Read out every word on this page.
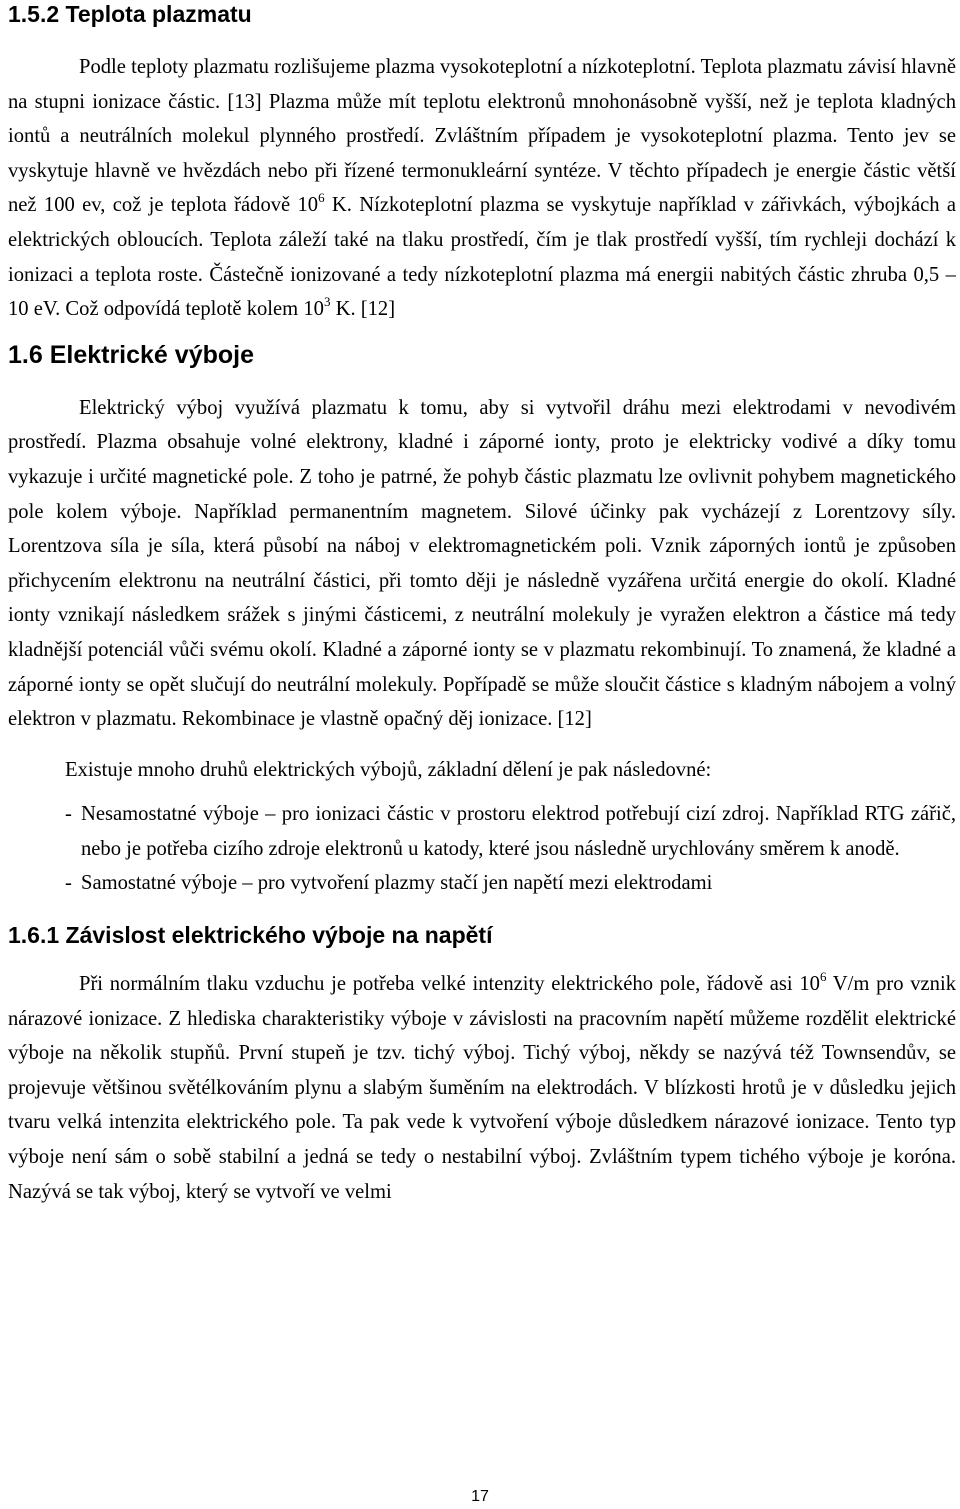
1.5.2 Teplota plazmatu

Podle teploty plazmatu rozlišujeme plazma vysokoteplotní a nízkoteplotní. Teplota plazmatu závisí hlavně na stupni ionizace částic. [13] Plazma může mít teplotu elektronů mnohonásobně vyšší, než je teplota kladných iontů a neutrálních molekul plynného prostředí. Zvláštním případem je vysokoteplotní plazma. Tento jev se vyskytuje hlavně ve hvězdách nebo při řízené termonukleární syntéze. V těchto případech je energie částic větší než 100 ev, což je teplota řádově $10^6$ K. Nízkoteplotní plazma se vyskytuje například v zářivkách, výbojkách a elektrických obloucích. Teplota záleží také na tlaku prostředí, čím je tlak prostředí vyšší, tím rychleji dochází k ionizaci a teplota roste. Částečně ionizované a tedy nízkoteplotní plazma má energii nabitých částic zhruba 0,5 – 10 eV. Což odpovídá teplotě kolem $10^3$ K. [12]

1.6 Elektrické výboje

Elektrický výboj využívá plazmatu k tomu, aby si vytvořil dráhu mezi elektrodami v nevodivém prostředí. Plazma obsahuje volné elektrony, kladné i záporné ionty, proto je elektricky vodivé a díky tomu vykazuje i určité magnetické pole. Z toho je patrné, že pohyb částic plazmatu lze ovlivnit pohybem magnetického pole kolem výboje. Například permanentním magnetem. Silové účinky pak vycházejí z Lorentzovy síly. Lorentzova síla je síla, která působí na náboj v elektromagnetickém poli. Vznik záporných iontů je způsoben přichycením elektronu na neutrální částici, při tomto ději je následně vyzářena určitá energie do okolí. Kladné ionty vznikají následkem srážek s jinými částicemi, z neutrální molekuly je vyražen elektron a částice má tedy kladnější potenciál vůči svému okolí. Kladné a záporné ionty se v plazmatu rekombinují. To znamená, že kladné a záporné ionty se opět slučují do neutrální molekuly. Popřípadě se může sloučit částice s kladným nábojem a volný elektron v plazmatu. Rekombinace je vlastně opačný děj ionizace. [12]

Existuje mnoho druhů elektrických výbojů, základní dělení je pak následovné:

- Nesamostatné výboje – pro ionizaci částic v prostoru elektrod potřebují cizí zdroj. Například RTG zářič, nebo je potřeba cizího zdroje elektronů u katody, které jsou následně urychlovány směrem k anodě.
- Samostatné výboje – pro vytvoření plazmy stačí jen napětí mezi elektrodami
1.6.1 Závislost elektrického výboje na napětí

Při normálním tlaku vzduchu je potřeba velké intenzity elektrického pole, řádově asi $10^6$ V/m pro vznik nárazové ionizace. Z hlediska charakteristiky výboje v závislosti na pracovním napětí můžeme rozdělit elektrické výboje na několik stupňů. První stupeň je tzv. tichý výboj. Tichý výboj, někdy se nazývá též Townsendův, se projevuje většinou světélkováním plynu a slabým šuměním na elektrodách. V blízkosti hrotů je v důsledku jejich tvaru velká intenzita elektrického pole. Ta pak vede k vytvoření výboje důsledkem nárazové ionizace. Tento typ výboje není sám o sobě stabilní a jedná se tedy o nestabilní výboj. Zvláštním typem tichého výboje je koróna. Nazývá se tak výboj, který se vytvoří ve velmi

17
